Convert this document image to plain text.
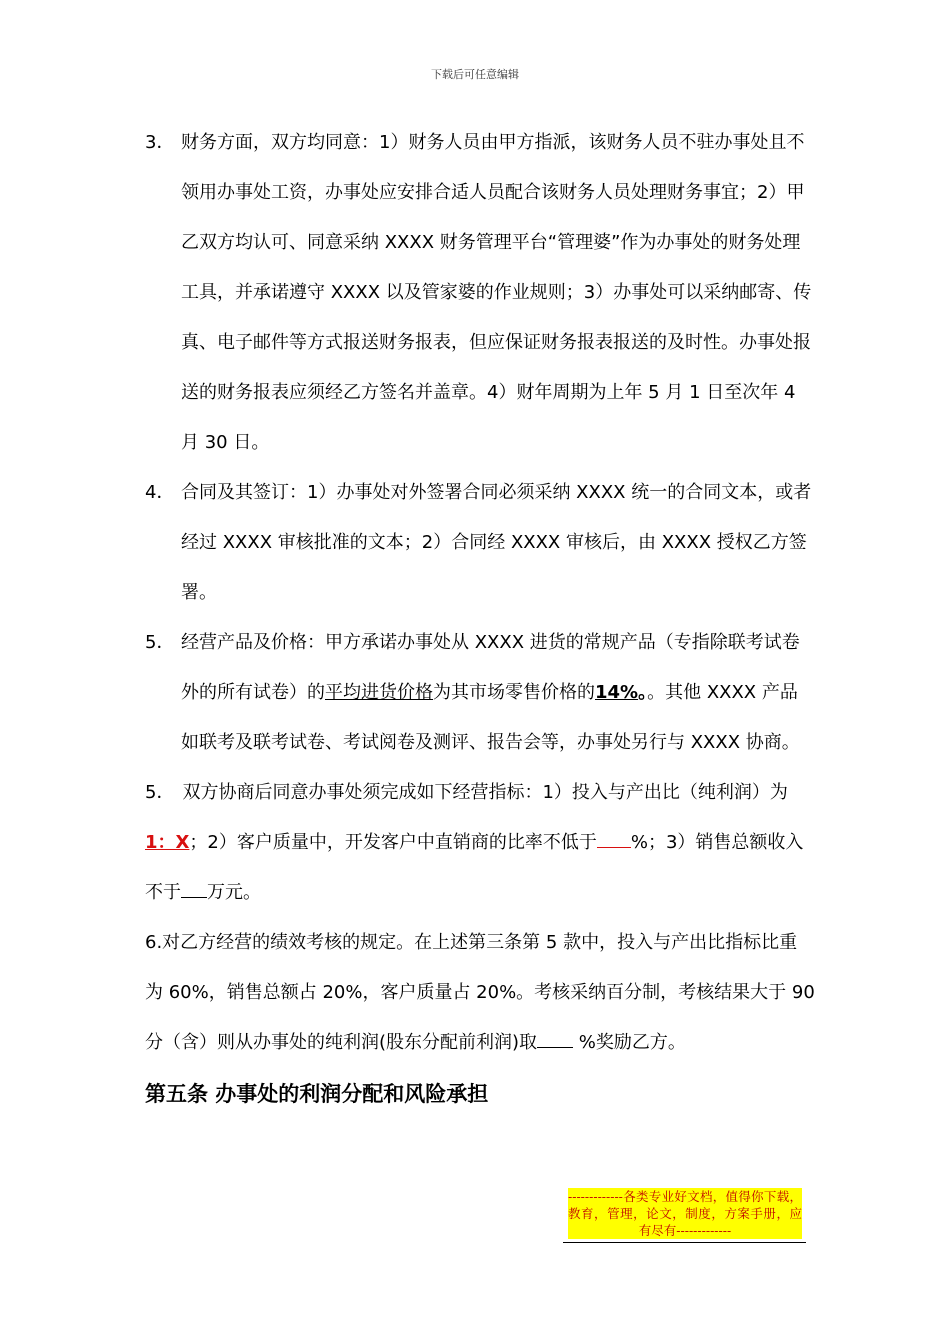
下载后可任意编辑
3． 财务方面，双方均同意：1）财务人员由甲方指派，该财务人员不驻办事处且不领用办事处工资，办事处应安排合适人员配合该财务人员处理财务事宜；2）甲乙双方均认可、同意采纳 XXXX 财务管理平台“管理婆”作为办事处的财务处理工具，并承诺遵守 XXXX 以及管家婆的作业规则；3）办事处可以采纳邮寄、传真、电子邮件等方式报送财务报表，但应保证财务报表报送的及时性。办事处报送的财务报表应须经乙方签名并盖章。4）财年周期为上年 5 月 1 日至次年 4 月 30 日。
4． 合同及其签订：1）办事处对外签署合同必须采纳 XXXX 统一的合同文本，或者经过 XXXX 审核批准的文本；2）合同经 XXXX 审核后，由 XXXX 授权乙方签署。
5． 经营产品及价格：甲方承诺办事处从 XXXX 进货的常规产品（专指除联考试卷外的所有试卷）的平均进货价格为其市场零售价格的14%。。其他 XXXX 产品如联考及联考试卷、考试阅卷及测评、报告会等，办事处另行与 XXXX 协商。
5． 双方协商后同意办事处须完成如下经营指标：1）投入与产出比（纯利润）为1：X；2）客户质量中，开发客户中直销商的比率不低于 %；3）销售总额收入不于 万元。
6.对乙方经营的绩效考核的规定。在上述第三条第 5 款中，投入与产出比指标比重为 60%，销售总额占 20%，客户质量占 20%。考核采纳百分制，考核结果大于 90 分（含）则从办事处的纯利润(股东分配前利润)取 %奖励乙方。
第五条 办事处的利润分配和风险承担
-------------各类专业好文档，值得你下载，教育，管理，论文，制度，方案手册，应有尽有-------------
